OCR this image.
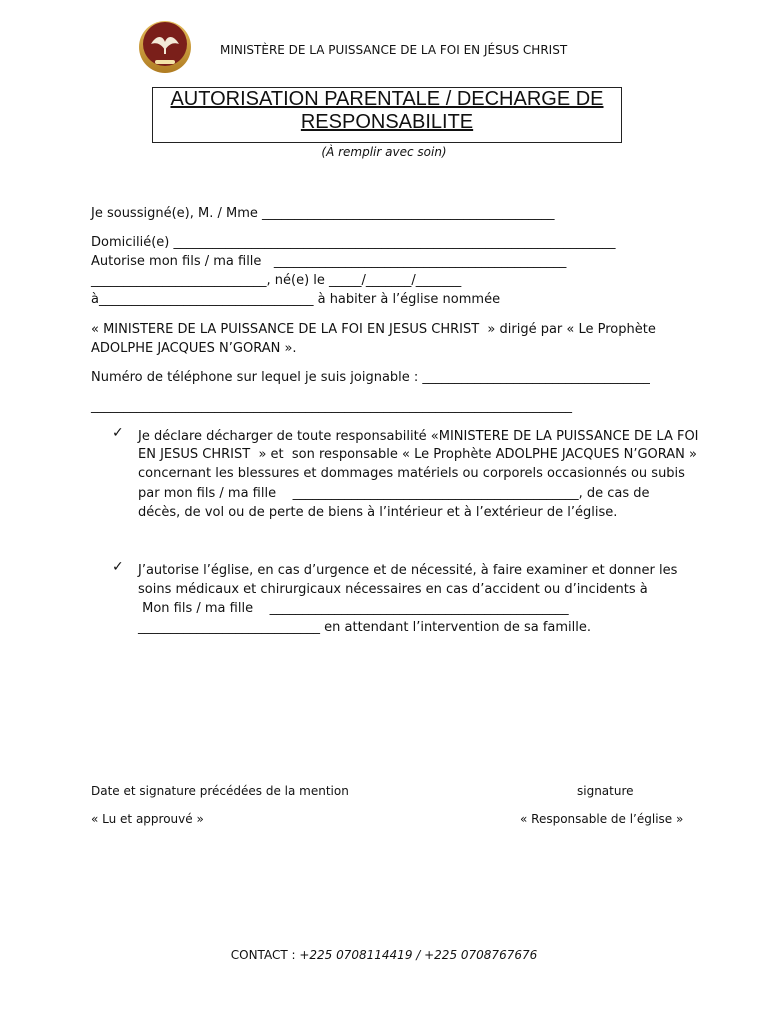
MINISTÈRE DE LA PUISSANCE DE LA FOI EN JÉSUS CHRIST
AUTORISATION PARENTALE / DECHARGE DE
RESPONSABILITE
(À remplir avec soin)
Je soussigné(e), M. / Mme _____________________________________________
Domicilié(e) ____________________________________________________________________
Autorise mon fils / ma fille   _____________________________________________
___________________________, né(e) le _____/_______/_______
à_________________________________ à habiter à l’église nommée
« MINISTERE DE LA PUISSANCE DE LA FOI EN JESUS CHRIST  » dirigé par « Le Prophète
ADOLPHE JACQUES N’GORAN ».
Numéro de téléphone sur lequel je suis joignable : ___________________________________
__________________________________________________________________________
✓ Je déclare décharger de toute responsabilité «MINISTERE DE LA PUISSANCE DE LA FOI
EN JESUS CHRIST  » et  son responsable « Le Prophète ADOLPHE JACQUES N’GORAN »
concernant les blessures et dommages matériels ou corporels occasionnés ou subis
par mon fils / ma fille    ____________________________________________, de cas de
décès, de vol ou de perte de biens à l’intérieur et à l’extérieur de l’église.
✓ J’autorise l’église, en cas d’urgence et de nécessité, à faire examiner et donner les
soins médicaux et chirurgicaux nécessaires en cas d’accident ou d’incidents à
Mon fils / ma fille    ______________________________________________
____________________________ en attendant l’intervention de sa famille.
Date et signature précédées de la mention
« Lu et approuvé »
signature
« Responsable de l’église »
CONTACT : +225 0708114419 / +225 0708767676
